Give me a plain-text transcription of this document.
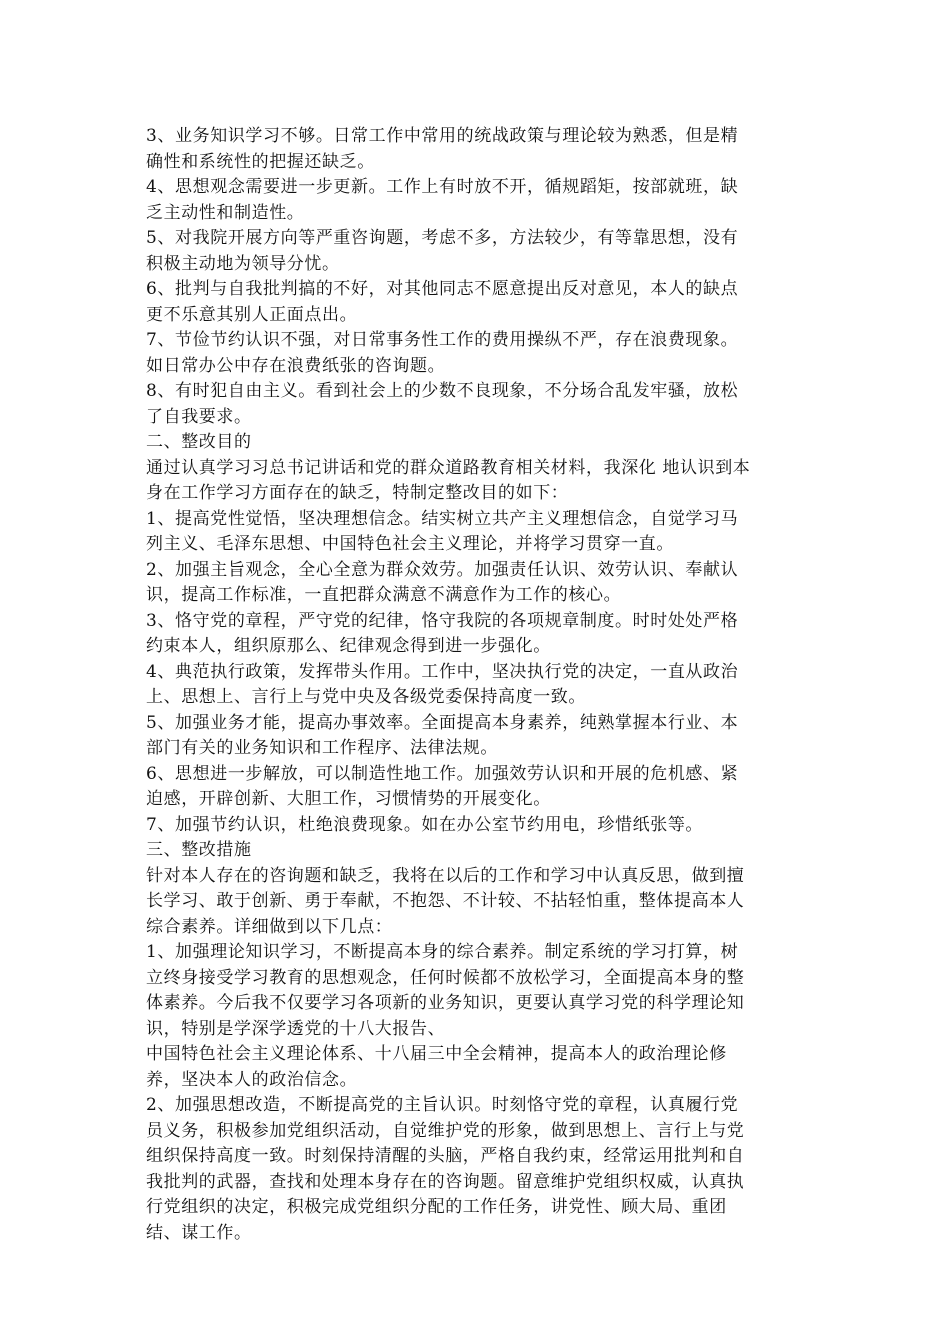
3、业务知识学习不够。日常工作中常用的统战政策与理论较为熟悉，但是精
确性和系统性的把握还缺乏。

4、思想观念需要进一步更新。工作上有时放不开，循规蹈矩，按部就班，缺
乏主动性和制造性。

5、对我院开展方向等严重咨询题，考虑不多，方法较少，有等靠思想，没有
积极主动地为领导分忧。

6、批判与自我批判搞的不好，对其他同志不愿意提出反对意见，本人的缺点
更不乐意其别人正面点出。

7、节俭节约认识不强，对日常事务性工作的费用操纵不严，存在浪费现象。
如日常办公中存在浪费纸张的咨询题。

8、有时犯自由主义。看到社会上的少数不良现象，不分场合乱发牢骚，放松
了自我要求。

二、整改目的

通过认真学习习总书记讲话和党的群众道路教育相关材料，我深化 地认识到本
身在工作学习方面存在的缺乏，特制定整改目的如下：

1、提高党性觉悟，坚决理想信念。结实树立共产主义理想信念，自觉学习马
列主义、毛泽东思想、中国特色社会主义理论，并将学习贯穿一直。

2、加强主旨观念，全心全意为群众效劳。加强责任认识、效劳认识、奉献认
识，提高工作标准，一直把群众满意不满意作为工作的核心。

3、恪守党的章程，严守党的纪律，恪守我院的各项规章制度。时时处处严格
约束本人，组织原那么、纪律观念得到进一步强化。

4、典范执行政策，发挥带头作用。工作中，坚决执行党的决定，一直从政治
上、思想上、言行上与党中央及各级党委保持高度一致。

5、加强业务才能，提高办事效率。全面提高本身素养，纯熟掌握本行业、本
部门有关的业务知识和工作程序、法律法规。

6、思想进一步解放，可以制造性地工作。加强效劳认识和开展的危机感、紧
迫感，开辟创新、大胆工作，习惯情势的开展变化。

7、加强节约认识，杜绝浪费现象。如在办公室节约用电，珍惜纸张等。

三、整改措施

针对本人存在的咨询题和缺乏，我将在以后的工作和学习中认真反思，做到擅
长学习、敢于创新、勇于奉献，不抱怨、不计较、不拈轻怕重，整体提高本人
综合素养。详细做到以下几点：

1、加强理论知识学习，不断提高本身的综合素养。制定系统的学习打算，树
立终身接受学习教育的思想观念，任何时候都不放松学习，全面提高本身的整
体素养。今后我不仅要学习各项新的业务知识，更要认真学习党的科学理论知
识，特别是学深学透党的十八大报告、
中国特色社会主义理论体系、十八届三中全会精神，提高本人的政治理论修
养，坚决本人的政治信念。

2、加强思想改造，不断提高党的主旨认识。时刻恪守党的章程，认真履行党
员义务，积极参加党组织活动，自觉维护党的形象，做到思想上、言行上与党
组织保持高度一致。时刻保持清醒的头脑，严格自我约束，经常运用批判和自
我批判的武器，查找和处理本身存在的咨询题。留意维护党组织权威，认真执
行党组织的决定，积极完成党组织分配的工作任务，讲党性、顾大局、重团
结、谋工作。
